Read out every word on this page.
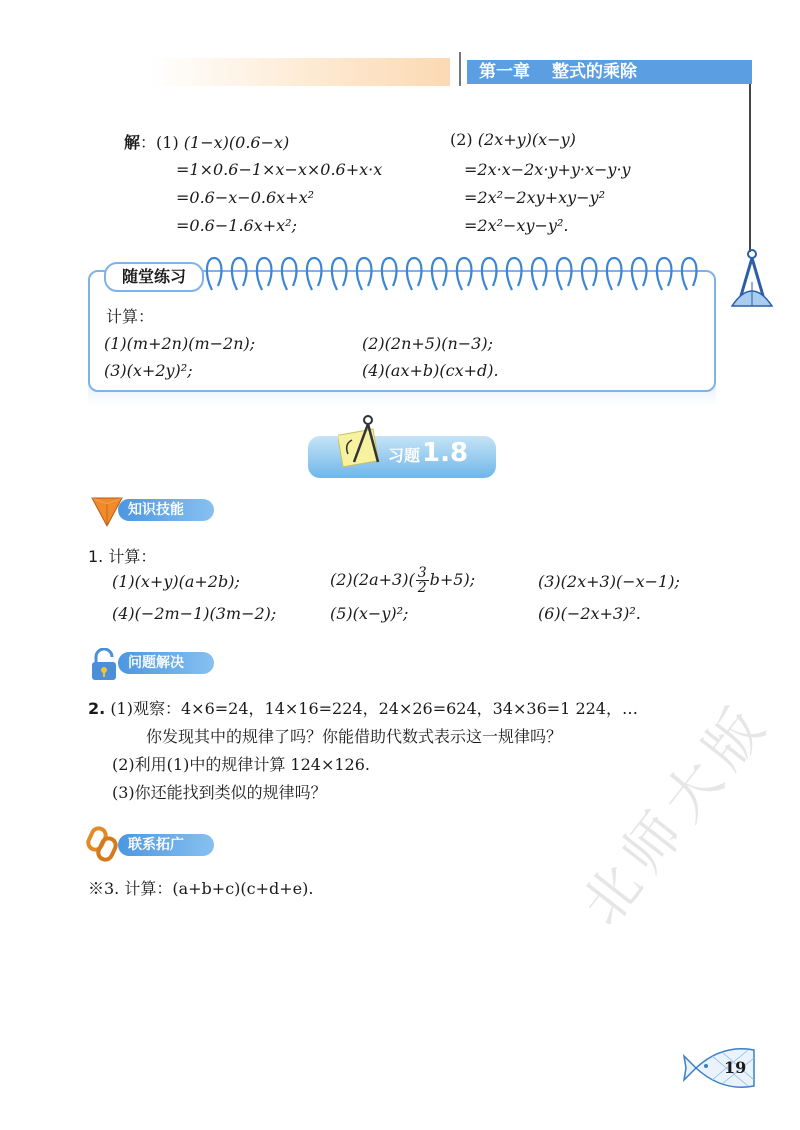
第一章 整式的乘除
解：(1) (1−x)(0.6−x)
=1×0.6−1×x−x×0.6+x·x
=0.6−x−0.6x+x²
=0.6−1.6x+x²;
(2) (2x+y)(x−y)
=2x·x−2x·y+y·x−y·y
=2x²−2xy+xy−y²
=2x²−xy−y².
随堂练习
计算：
(1)(m+2n)(m−2n);	(2)(2n+5)(n−3);
(3)(x+2y)²;	(4)(ax+b)(cx+d).
习题1.8
知识技能
1. 计算：
(1)(x+y)(a+2b);	$(2)(2a+3)( \frac{3}{2} b+5)$;	(3)(2x+3)(−x−1);
(4)(−2m−1)(3m−2);	(5)(x−y)²;	(6)(−2x+3)².
问题解决
2. (1)观察：4×6=24，14×16=224，24×26=624，34×36=1 224，…
你发现其中的规律了吗？你能借助代数式表示这一规律吗？
(2)利用(1)中的规律计算 124×126.
(3)你还能找到类似的规律吗？
联系拓广
※3. 计算：(a+b+c)(c+d+e).	北师大版
19
